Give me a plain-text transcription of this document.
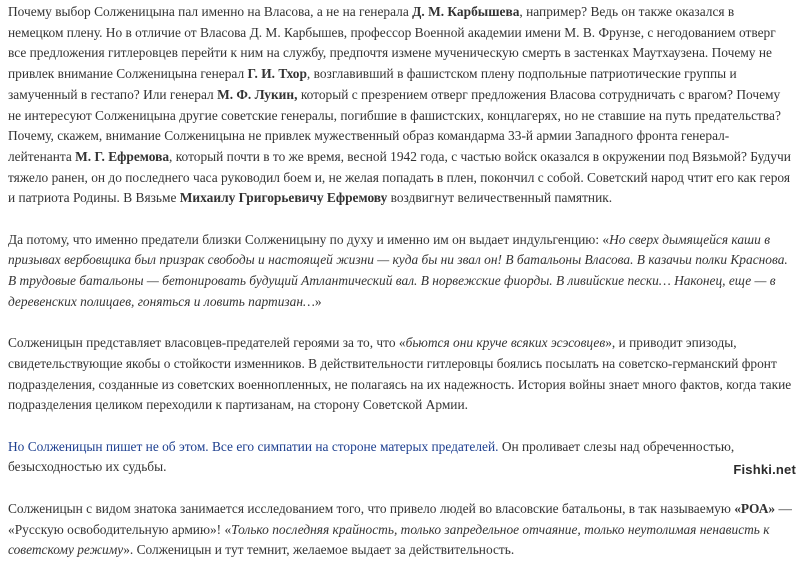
Почему выбор Солженицына пал именно на Власова, а не на генерала Д. М. Карбышева, например? Ведь он также оказался в немецком плену. Но в отличие от Власова Д. М. Карбышев, профессор Военной академии имени М. В. Фрунзе, с негодованием отверг все предложения гитлеровцев перейти к ним на службу, предпочтя измене мученическую смерть в застенках Маутхаузена. Почему не привлек внимание Солженицына генерал Г. И. Тхор, возглавивший в фашистском плену подпольные патриотические группы и замученный в гестапо? Или генерал М. Ф. Лукин, который с презрением отверг предложения Власова сотрудничать с врагом? Почему не интересуют Солженицына другие советские генералы, погибшие в фашистских, концлагерях, но не ставшие на путь предательства? Почему, скажем, внимание Солженицына не привлек мужественный образ командарма 33-й армии Западного фронта генерал-лейтенанта М. Г. Ефремова, который почти в то же время, весной 1942 года, с частью войск оказался в окружении под Вязьмой? Будучи тяжело ранен, он до последнего часа руководил боем и, не желая попадать в плен, покончил с собой. Советский народ чтит его как героя и патриота Родины. В Вязьме Михаилу Григорьевичу Ефремову воздвигнут величественный памятник.

Да потому, что именно предатели близки Солженицыну по духу и именно им он выдает индульгенцию: «Но сверх дымящейся каши в призывах вербовщика был призрак свободы и настоящей жизни — куда бы ни звал он! В батальоны Власова. В казачьи полки Краснова. В трудовые батальоны — бетонировать будущий Атлантический вал. В норвежские фиорды. В ливийские пески… Наконец, еще — в деревенских полицаев, гоняться и ловить партизан…»

Солженицын представляет власовцев-предателей героями за то, что «бьются они круче всяких эсэсовцев», и приводит эпизоды, свидетельствующие якобы о стойкости изменников. В действительности гитлеровцы боялись посылать на советско-германский фронт подразделения, созданные из советских военнопленных, не полагаясь на их надежность. История войны знает много фактов, когда такие подразделения целиком переходили к партизанам, на сторону Советской Армии.

Но Солженицын пишет не об этом. Все его симпатии на стороне матерых предателей. Он проливает слезы над обреченностью, безысходностью их судьбы.

Солженицын с видом знатока занимается исследованием того, что привело людей во власовские батальоны, в так называемую «РОА» — «Русскую освободительную армию»! «Только последняя крайность, только запредельное отчаяние, только неутолимая ненависть к советскому режиму». Солженицын и тут темнит, желаемое выдает за действительность.

Fishki.net
